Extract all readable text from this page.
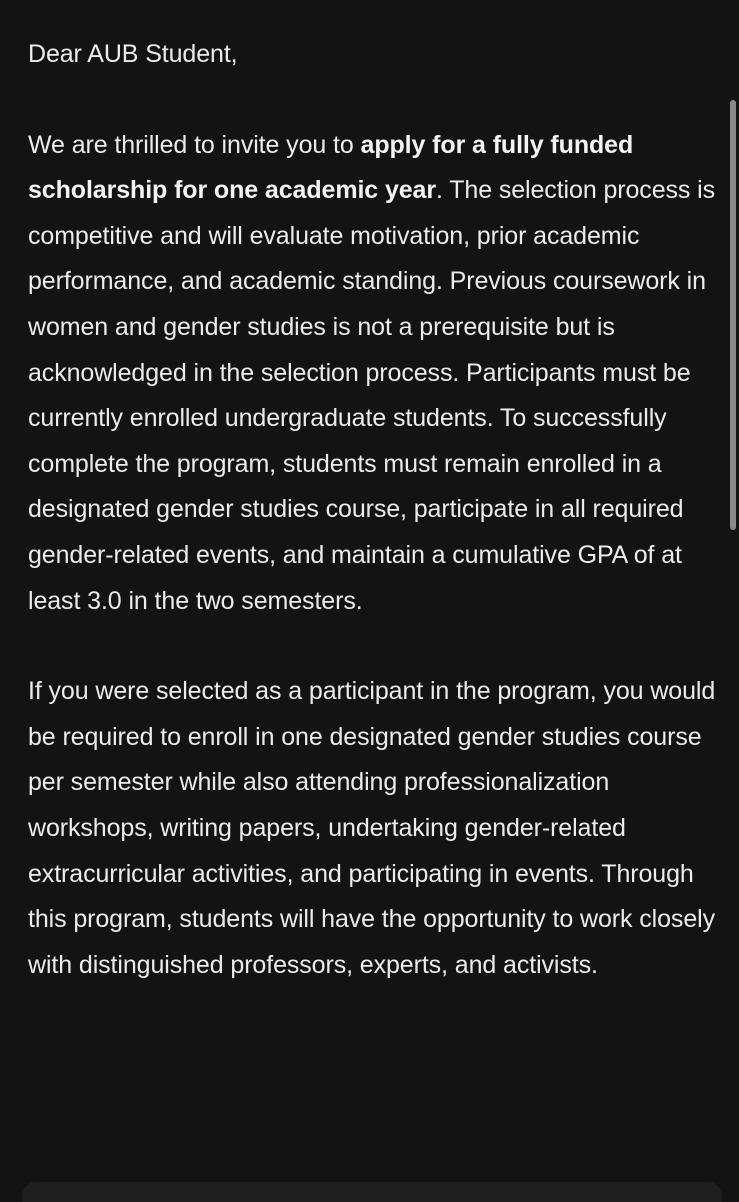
Dear AUB Student,

We are thrilled to invite you to apply for a fully funded scholarship for one academic year. The selection process is competitive and will evaluate motivation, prior academic performance, and academic standing. Previous coursework in women and gender studies is not a prerequisite but is acknowledged in the selection process. Participants must be currently enrolled undergraduate students. To successfully complete the program, students must remain enrolled in a designated gender studies course, participate in all required gender-related events, and maintain a cumulative GPA of at least 3.0 in the two semesters.

If you were selected as a participant in the program, you would be required to enroll in one designated gender studies course per semester while also attending professionalization workshops, writing papers, undertaking gender-related extracurricular activities, and participating in events. Through this program, students will have the opportunity to work closely with distinguished professors, experts, and activists.
